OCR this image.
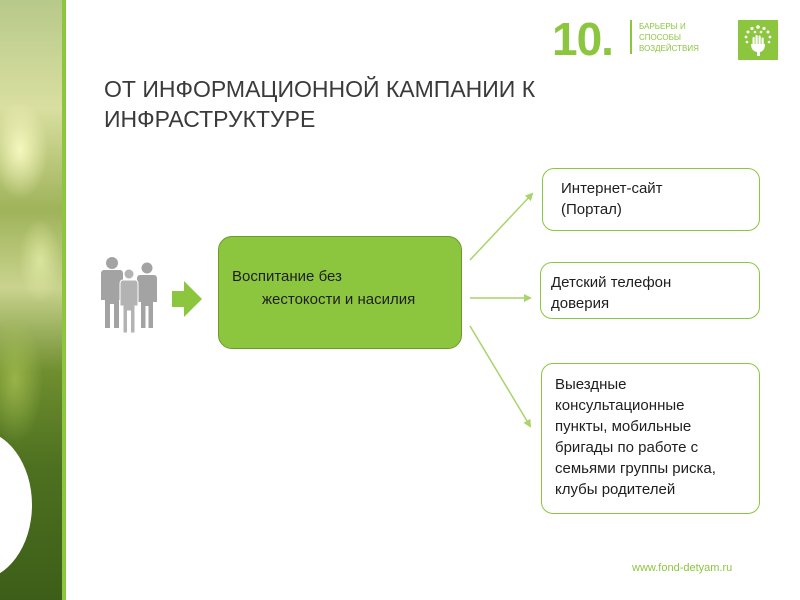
10.	БАРЬЕРЫ И
СПОСОБЫ
ВОЗДЕЙСТВИЯ
ОТ ИНФОРМАЦИОННОЙ КАМПАНИИ К
ИНФРАСТРУКТУРЕ
Воспитание без
жестокости и насилия
Интернет-сайт
(Портал)
Детский телефон
доверия
Выездные
консультационные
пункты, мобильные
бригады по работе с
семьями группы риска,
клубы родителей
www.fond-detyam.ru
